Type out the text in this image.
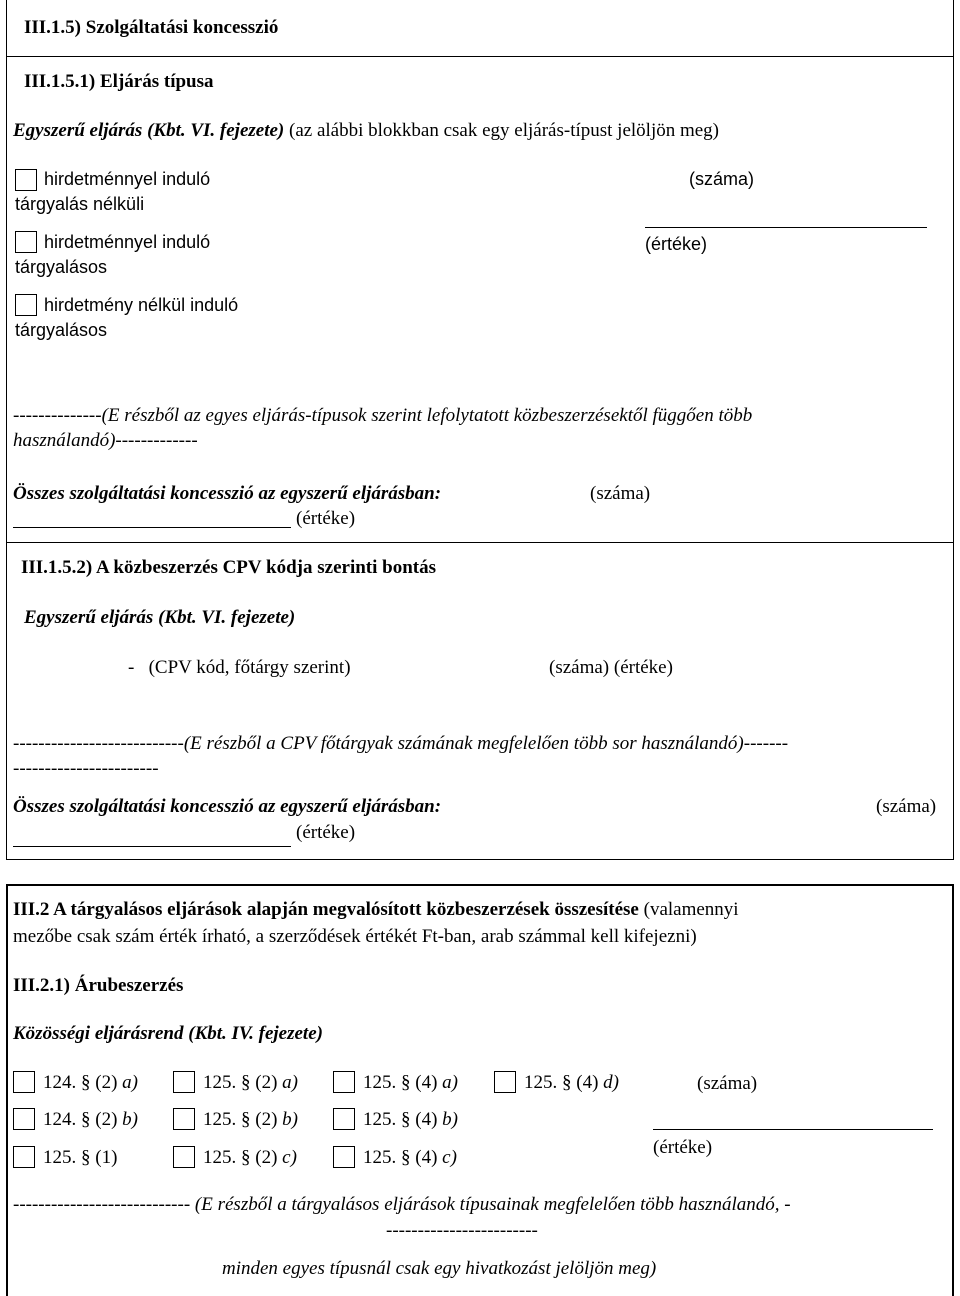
III.1.5) Szolgáltatási koncesszió
III.1.5.1) Eljárás típusa
Egyszerű eljárás (Kbt. VI. fejezete) (az alábbi blokkban csak egy eljárás-típust jelöljön meg)
hirdetménnyel induló
tárgyalás nélküli
hirdetménnyel induló
tárgyalásos
hirdetmény nélkül induló
tárgyalásos
(száma)
(értéke)
--------------(E részből az egyes eljárás-típusok szerint lefolytatott közbeszerzésektől függően több
használandó)-------------
Összes szolgáltatási koncesszió az egyszerű eljárásban:	(száma)
(értéke)
III.1.5.2) A közbeszerzés CPV kódja szerinti bontás
Egyszerű eljárás (Kbt. VI. fejezete)
-   (CPV kód, főtárgy szerint)	(száma) (értéke)
---------------------------(E részből a CPV főtárgyak számának megfelelően több sor használandó)-------
-----------------------
Összes szolgáltatási koncesszió az egyszerű eljárásban:	(száma)
(értéke)
III.2 A tárgyalásos eljárások alapján megvalósított közbeszerzések összesítése (valamennyi
mezőbe csak szám érték írható, a szerződések értékét Ft-ban, arab számmal kell kifejezni)
III.2.1) Árubeszerzés
Közösségi eljárásrend (Kbt. IV. fejezete)
124. § (2) a)	125. § (2) a)	125. § (4) a)	125. § (4) d)
124. § (2) b)	125. § (2) b)	125. § (4) b)
125. § (1)	125. § (2) c)	125. § (4) c)
(száma)
(értéke)
---------------------------- (E részből a tárgyalásos eljárások típusainak megfelelően több használandó, -
------------------------
minden egyes típusnál csak egy hivatkozást jelöljön meg)
